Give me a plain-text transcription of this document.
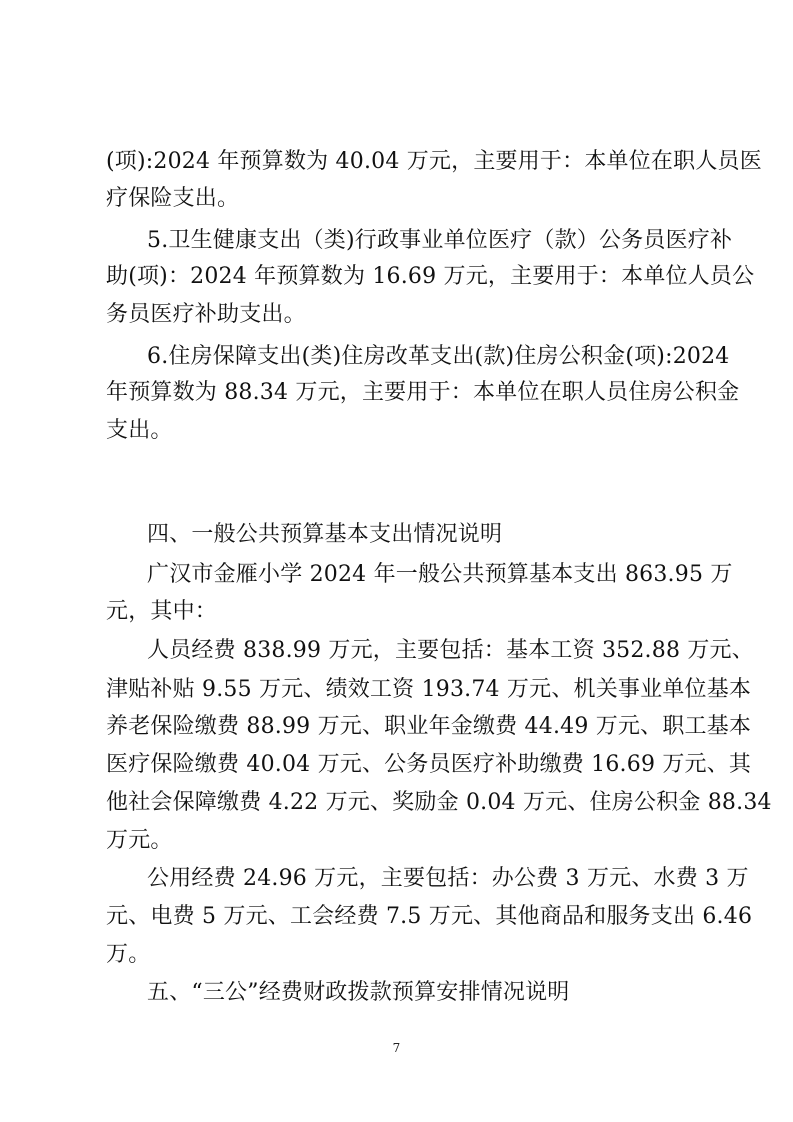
(项):2024 年预算数为 40.04 万元，主要用于：本单位在职人员医
疗保险支出。
5.卫生健康支出（类)行政事业单位医疗（款）公务员医疗补
助(项)：2024 年预算数为 16.69 万元，主要用于：本单位人员公
务员医疗补助支出。
6.住房保障支出(类)住房改革支出(款)住房公积金(项):2024
年预算数为 88.34 万元，主要用于：本单位在职人员住房公积金
支出。
四、一般公共预算基本支出情况说明
广汉市金雁小学 2024 年一般公共预算基本支出 863.95 万
元，其中：
人员经费 838.99 万元，主要包括：基本工资 352.88 万元、
津贴补贴 9.55 万元、绩效工资 193.74 万元、机关事业单位基本
养老保险缴费 88.99 万元、职业年金缴费 44.49 万元、职工基本
医疗保险缴费 40.04 万元、公务员医疗补助缴费 16.69 万元、其
他社会保障缴费 4.22 万元、奖励金 0.04 万元、住房公积金 88.34
万元。
公用经费 24.96 万元，主要包括：办公费 3 万元、水费 3 万
元、电费 5 万元、工会经费 7.5 万元、其他商品和服务支出 6.46
万。
五、“三公”经费财政拨款预算安排情况说明
7
